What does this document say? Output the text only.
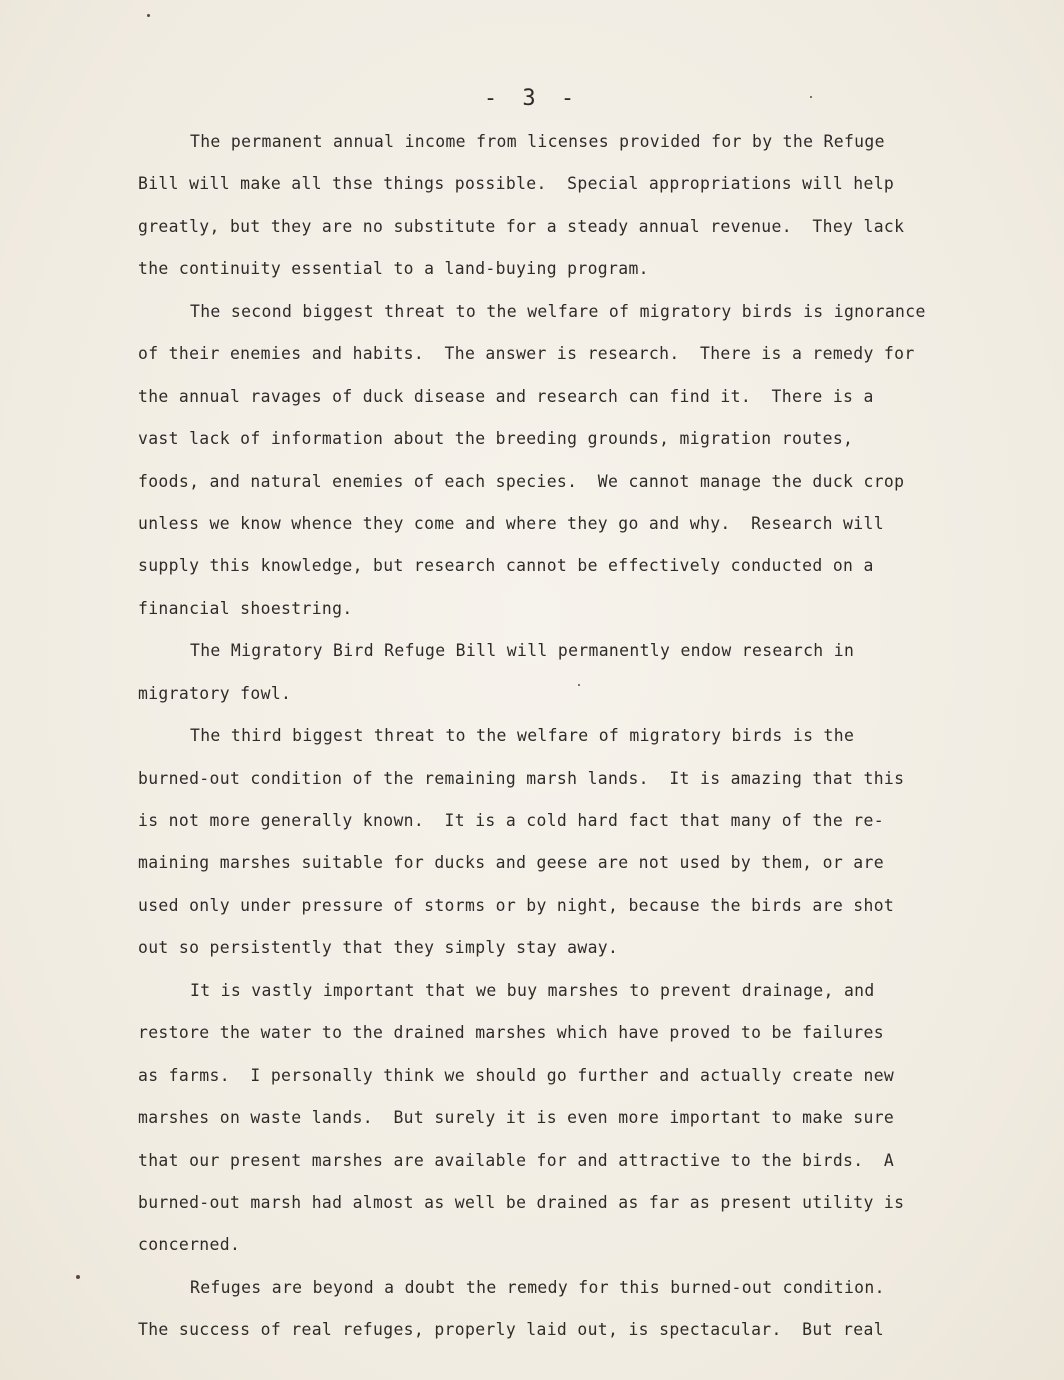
- 3 -
The permanent annual income from licenses provided for by the Refuge
Bill will make all thse things possible.  Special appropriations will help
greatly, but they are no substitute for a steady annual revenue.  They lack
the continuity essential to a land-buying program.
The second biggest threat to the welfare of migratory birds is ignorance
of their enemies and habits.  The answer is research.  There is a remedy for
the annual ravages of duck disease and research can find it.  There is a
vast lack of information about the breeding grounds, migration routes,
foods, and natural enemies of each species.  We cannot manage the duck crop
unless we know whence they come and where they go and why.  Research will
supply this knowledge, but research cannot be effectively conducted on a
financial shoestring.
The Migratory Bird Refuge Bill will permanently endow research in
migratory fowl.
The third biggest threat to the welfare of migratory birds is the
burned-out condition of the remaining marsh lands.  It is amazing that this
is not more generally known.  It is a cold hard fact that many of the re-
maining marshes suitable for ducks and geese are not used by them, or are
used only under pressure of storms or by night, because the birds are shot
out so persistently that they simply stay away.
It is vastly important that we buy marshes to prevent drainage, and
restore the water to the drained marshes which have proved to be failures
as farms.  I personally think we should go further and actually create new
marshes on waste lands.  But surely it is even more important to make sure
that our present marshes are available for and attractive to the birds.  A
burned-out marsh had almost as well be drained as far as present utility is
concerned.
Refuges are beyond a doubt the remedy for this burned-out condition.
The success of real refuges, properly laid out, is spectacular.  But real
